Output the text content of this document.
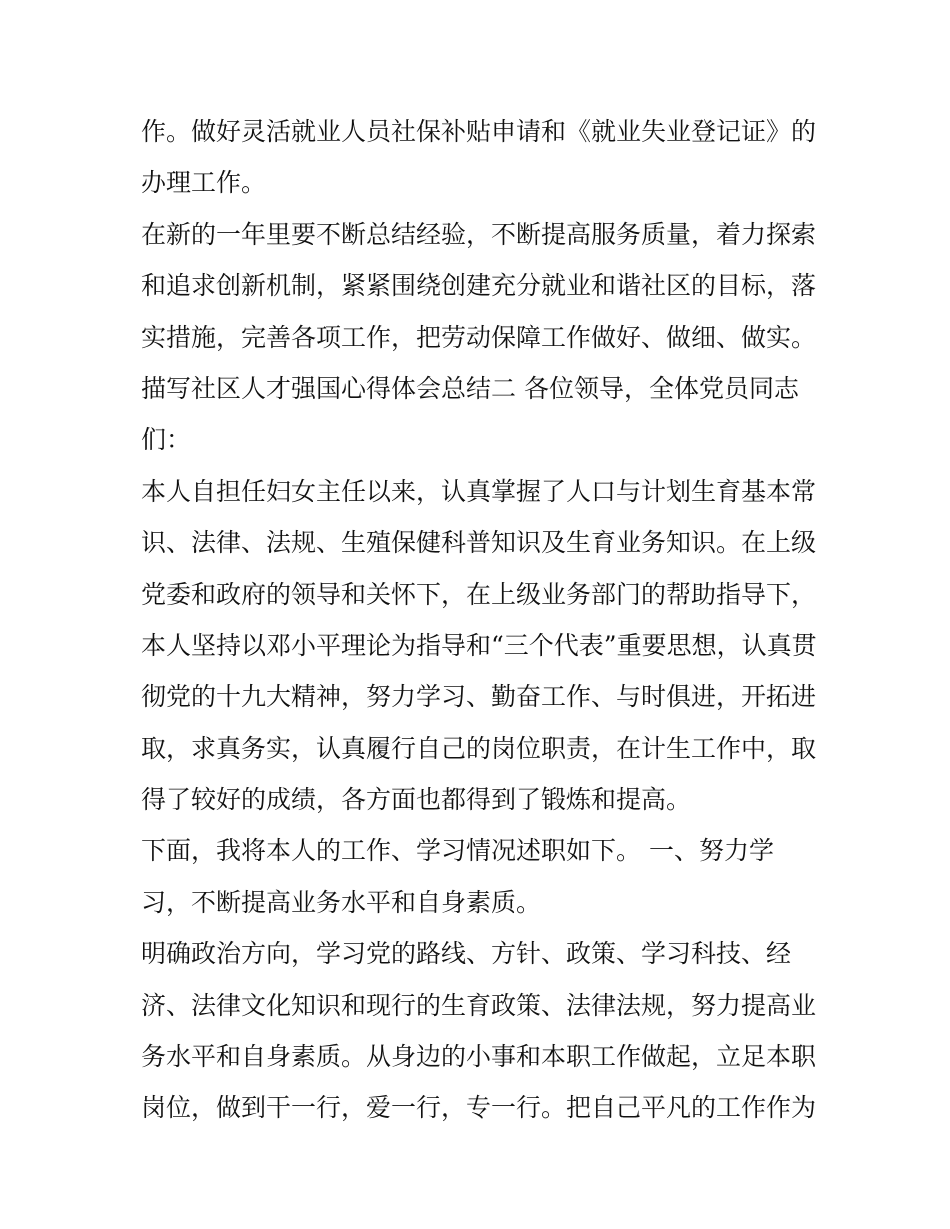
作。做好灵活就业人员社保补贴申请和《就业失业登记证》的

办理工作。

在新的一年里要不断总结经验，不断提高服务质量，着力探索

和追求创新机制，紧紧围绕创建充分就业和谐社区的目标，落

实措施，完善各项工作，把劳动保障工作做好、做细、做实。

描写社区人才强国心得体会总结二 各位领导，全体党员同志

们：

本人自担任妇女主任以来，认真掌握了人口与计划生育基本常

识、法律、法规、生殖保健科普知识及生育业务知识。在上级

党委和政府的领导和关怀下，在上级业务部门的帮助指导下，

本人坚持以邓小平理论为指导和“三个代表”重要思想，认真贯

彻党的十九大精神，努力学习、勤奋工作、与时俱进，开拓进

取，求真务实，认真履行自己的岗位职责，在计生工作中，取

得了较好的成绩，各方面也都得到了锻炼和提高。

下面，我将本人的工作、学习情况述职如下。 一、努力学

习，不断提高业务水平和自身素质。

明确政治方向，学习党的路线、方针、政策、学习科技、经

济、法律文化知识和现行的生育政策、法律法规，努力提高业

务水平和自身素质。从身边的小事和本职工作做起，立足本职

岗位，做到干一行，爱一行，专一行。把自己平凡的工作作为
